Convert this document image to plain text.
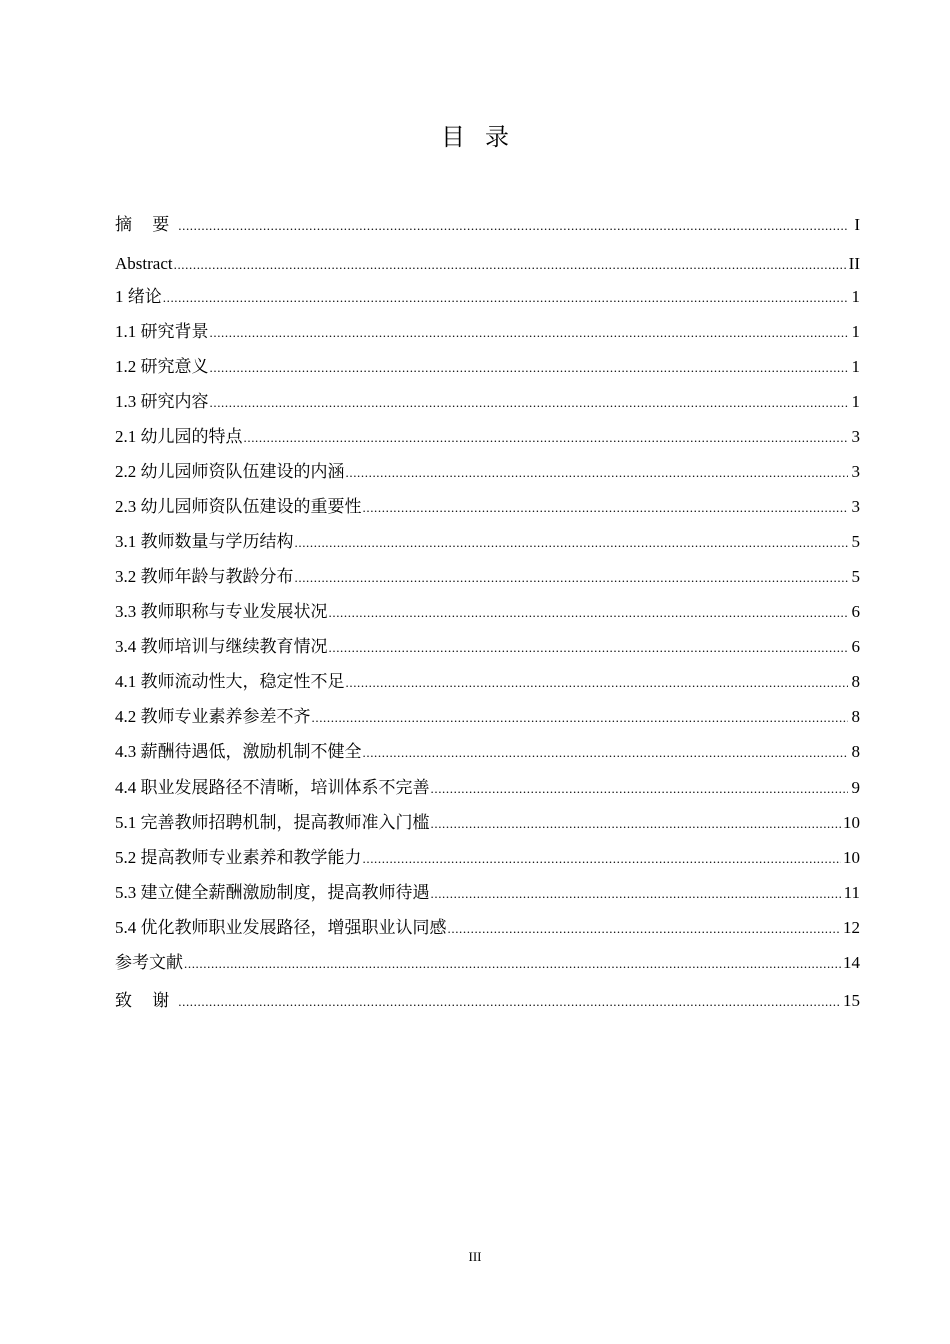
目录
摘 要 .....	I
Abstract .....	II
1 绪论 .....	1
1.1 研究背景 .....	1
1.2 研究意义 .....	1
1.3 研究内容 .....	1
2.1 幼儿园的特点 .....	3
2.2 幼儿园师资队伍建设的内涵 .....	3
2.3 幼儿园师资队伍建设的重要性 .....	3
3.1 教师数量与学历结构 .....	5
3.2 教师年龄与教龄分布 .....	5
3.3 教师职称与专业发展状况 .....	6
3.4 教师培训与继续教育情况 .....	6
4.1 教师流动性大，稳定性不足 .....	8
4.2 教师专业素养参差不齐 .....	8
4.3 薪酬待遇低，激励机制不健全 .....	8
4.4 职业发展路径不清晰，培训体系不完善 .....	9
5.1 完善教师招聘机制，提高教师准入门槛 .....	10
5.2 提高教师专业素养和教学能力 .....	10
5.3 建立健全薪酬激励制度，提高教师待遇 .....	11
5.4 优化教师职业发展路径，增强职业认同感 .....	12
参考文献 .....	14
致 谢 .....	15
III
